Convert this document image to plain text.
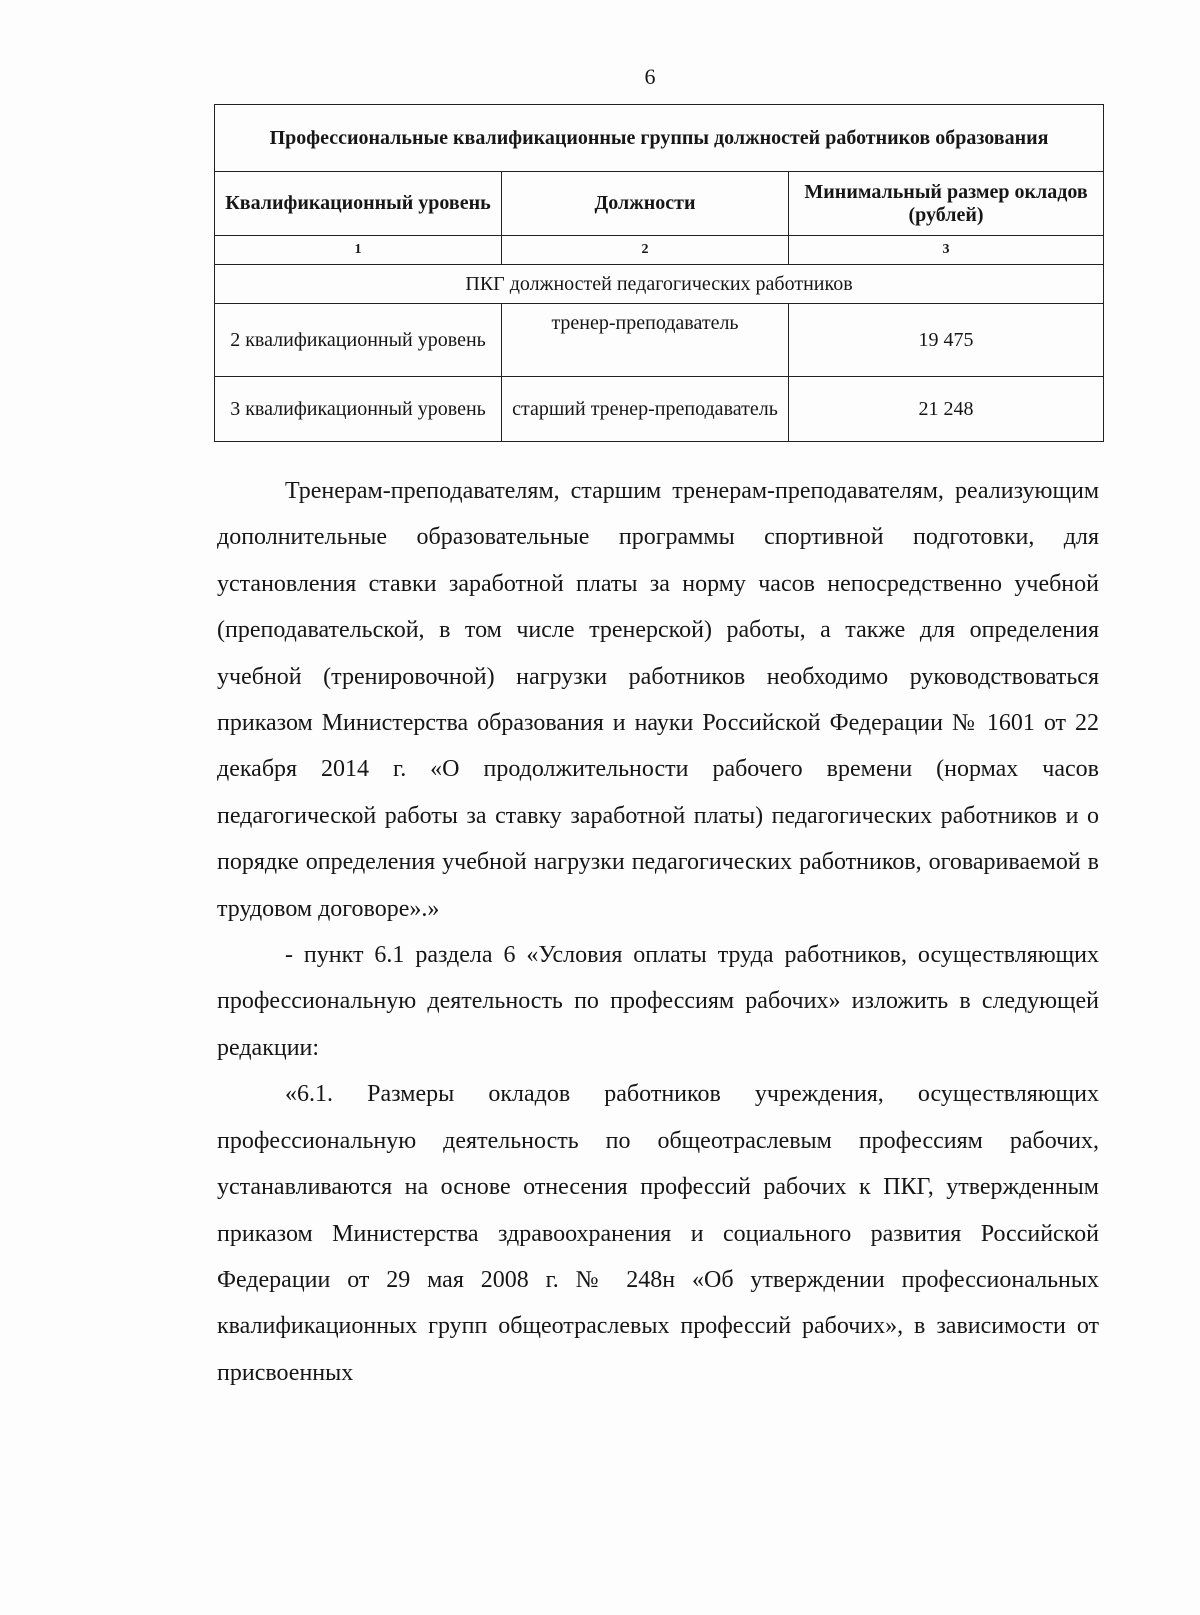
6
Профессиональные квалификационные группы должностей работников образования		
Квалификационный уровень	Должности	Минимальный размер окладов (рублей)
1	2	3
ПКГ должностей педагогических работников		
2 квалификационный уровень	тренер-преподаватель	19 475
3 квалификационный уровень	старший тренер-преподаватель	21 248

Тренерам-преподавателям, старшим тренерам-преподавателям, реализующим дополнительные образовательные программы спортивной подготовки, для установления ставки заработной платы за норму часов непосредственно учебной (преподавательской, в том числе тренерской) работы, а также для определения учебной (тренировочной) нагрузки работников необходимо руководствоваться приказом Министерства образования и науки Российской Федерации № 1601 от 22 декабря 2014 г. «О продолжительности рабочего времени (нормах часов педагогической работы за ставку заработной платы) педагогических работников и о порядке определения учебной нагрузки педагогических работников, оговариваемой в трудовом договоре».»

- пункт 6.1 раздела 6 «Условия оплаты труда работников, осуществляющих профессиональную деятельность по профессиям рабочих» изложить в следующей редакции:

«6.1. Размеры окладов работников учреждения, осуществляющих профессиональную деятельность по общеотраслевым профессиям рабочих, устанавливаются на основе отнесения профессий рабочих к ПКГ, утвержденным приказом Министерства здравоохранения и социального развития Российской Федерации от 29 мая 2008 г. № 248н «Об утверждении профессиональных квалификационных групп общеотраслевых профессий рабочих», в зависимости от присвоенных
